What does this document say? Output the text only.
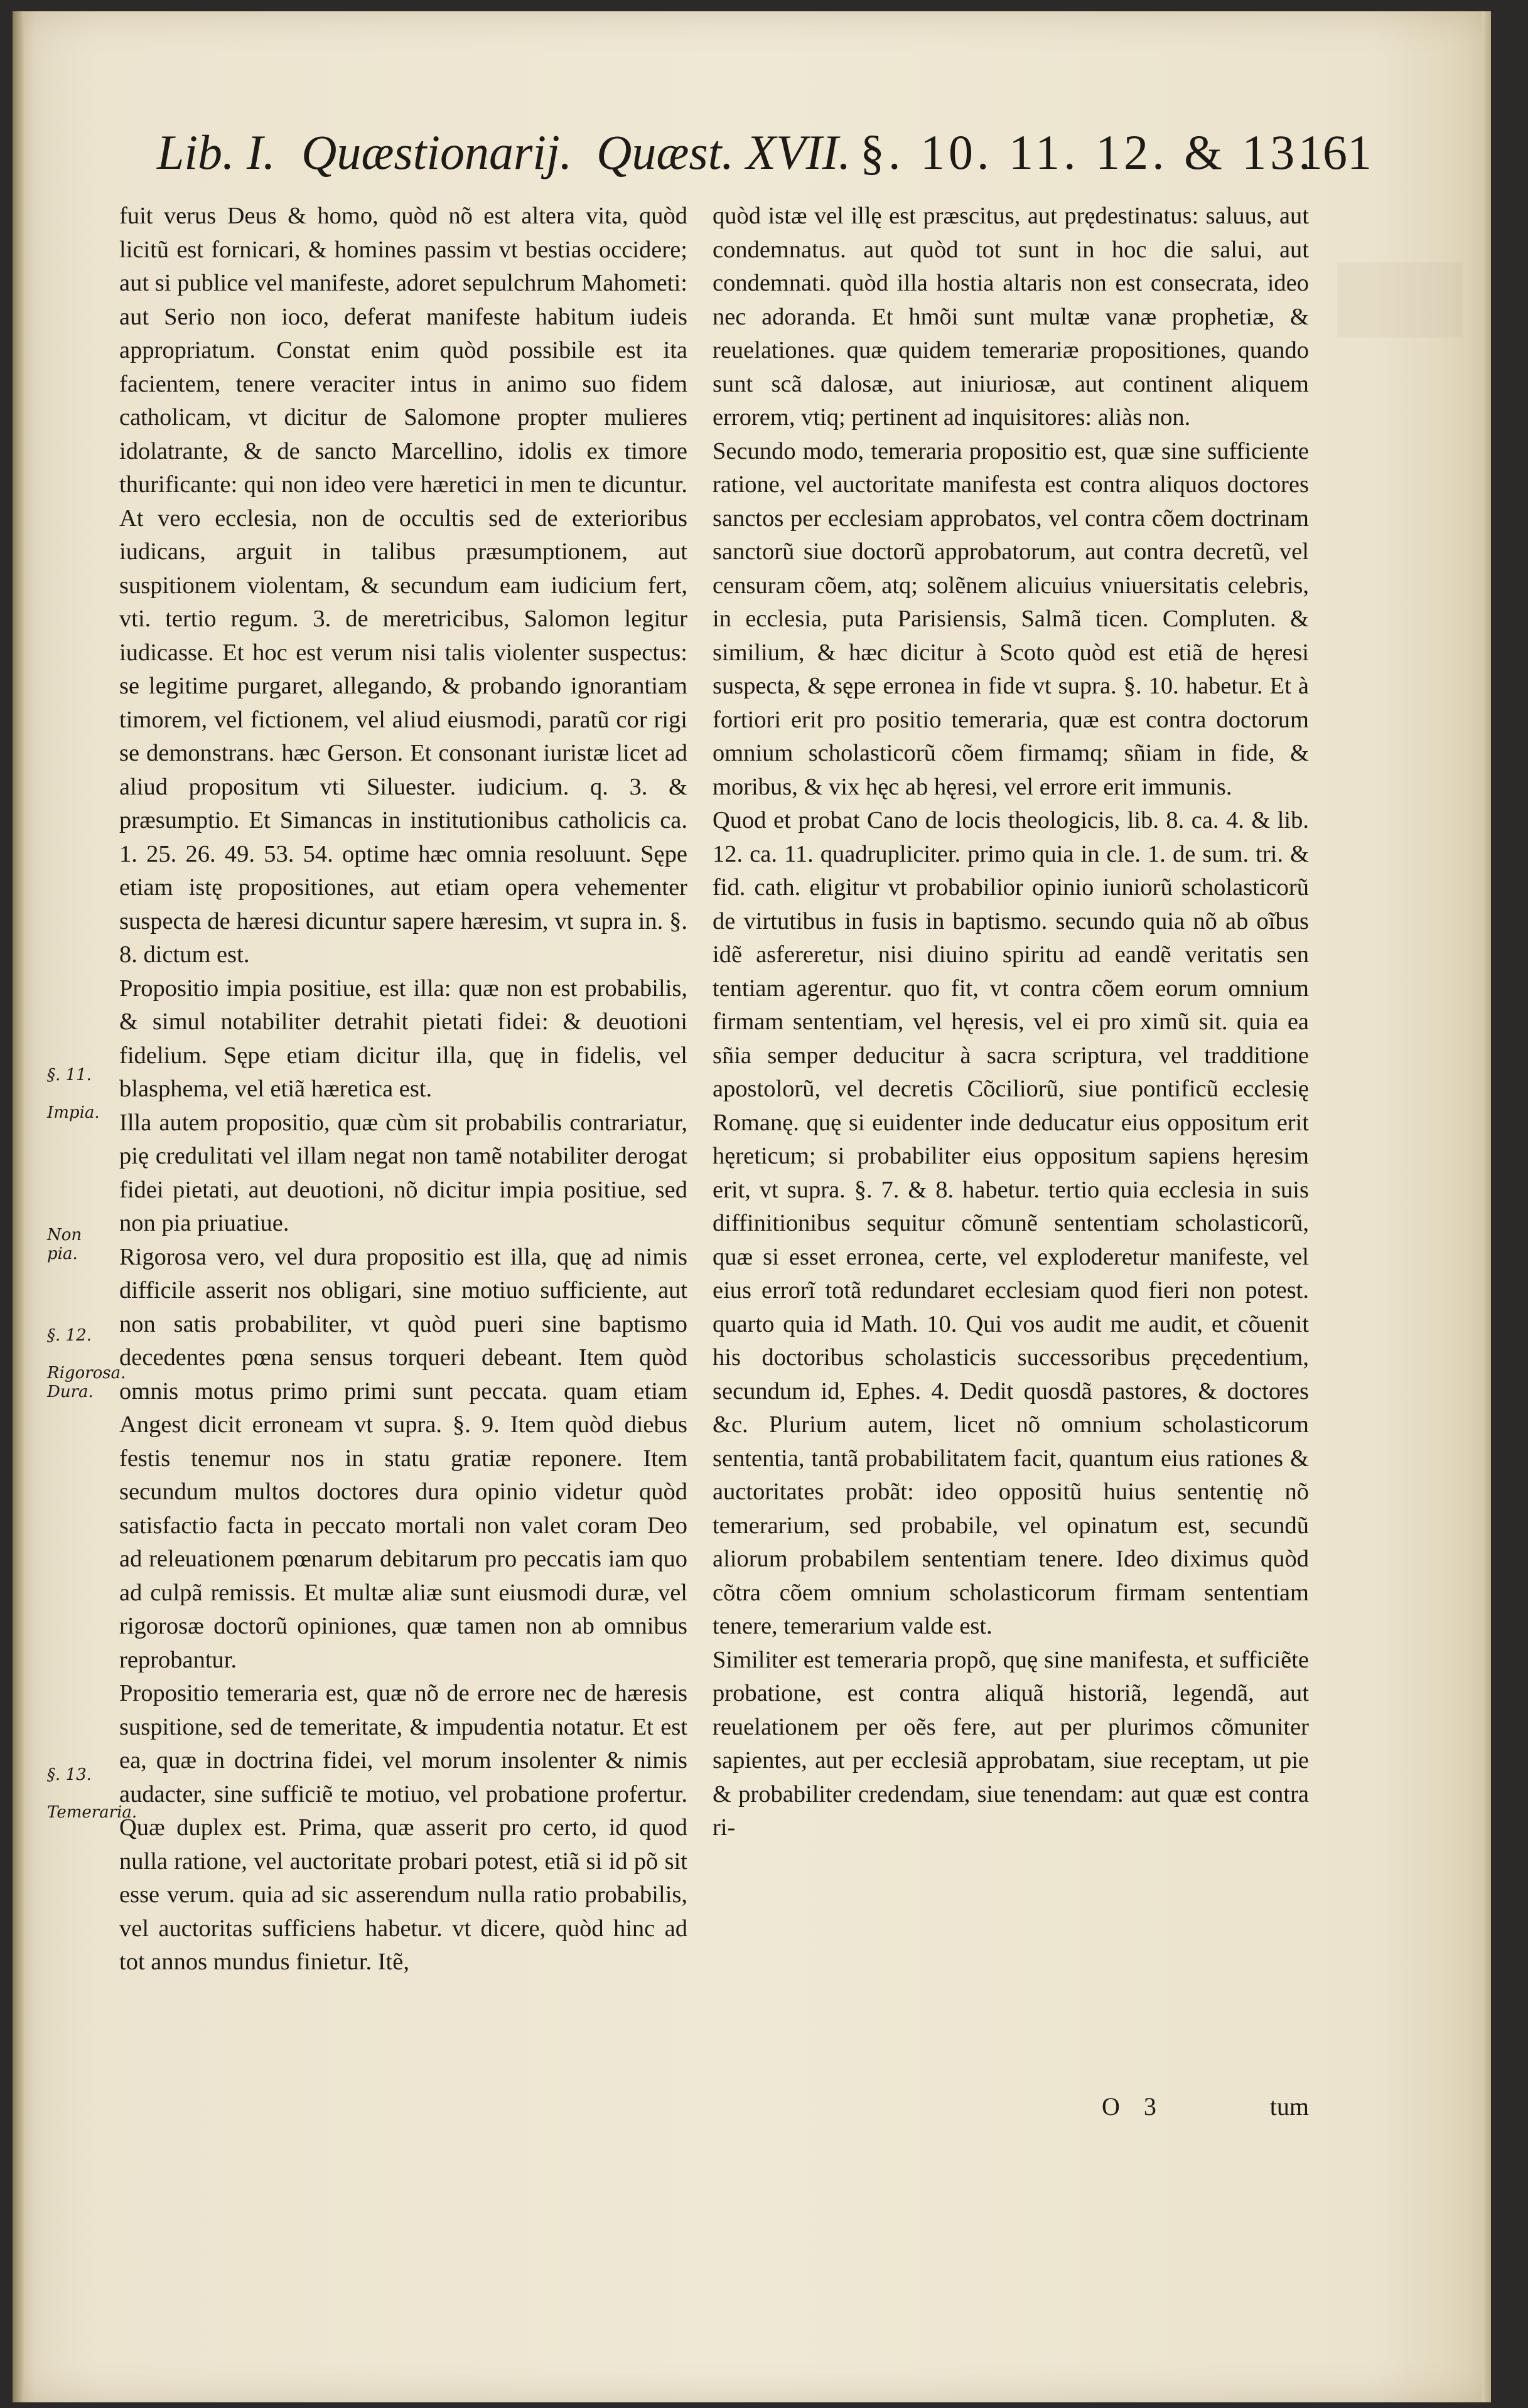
Lib. I. Quæstionarij. Quæst. XVII. §. 10. 11. 12. & 13.
161
fuit verus Deus & homo, quòd nõ est altera vita, quòd licitũ est fornicari, & homines passim vt bestias occidere; aut si publice vel manifeste, adoret sepulchrum Mahometi: aut Serio non ioco, deferat manifeste habitum iudeis appropriatum. Constat enim quòd possibile est ita facientem, tenere veraciter intus in animo suo fidem catholicam, vt dicitur de Salomone propter mulieres idolatrante, & de sancto Marcellino, idolis ex timore thurificante: qui non ideo vere hæretici in men te dicuntur. At vero ecclesia, non de occultis sed de exterioribus iudicans, arguit in talibus præsumptionem, aut suspitionem violentam, & secundum eam iudicium fert, vti. tertio regum. 3. de meretricibus, Salomon legitur iudicasse. Et hoc est verum nisi talis violenter suspectus: se legitime purgaret, allegando, & probando ignorantiam timorem, vel fictionem, vel aliud eiusmodi, paratũ cor rigi se demonstrans. hæc Gerson. Et consonant iuristæ licet ad aliud propositum vti Siluester. iudicium. q. 3. & præsumptio. Et Simancas in institutionibus catholicis ca. 1. 25. 26. 49. 53. 54. optime hæc omnia resoluunt. Sępe etiam istę propositiones, aut etiam opera vehementer suspecta de hæresi dicuntur sapere hæresim, vt supra in. §. 8. dictum est.
Propositio impia positiue, est illa: quæ non est probabilis, & simul notabiliter detrahit pietati fidei: & deuotioni fidelium. Sępe etiam dicitur illa, quę in fidelis, vel blasphema, vel etiã hæretica est.
Illa autem propositio, quæ cùm sit probabilis contrariatur, pię credulitati vel illam negat non tamẽ notabiliter derogat fidei pietati, aut deuotioni, nõ dicitur impia positiue, sed non pia priuatiue.
Rigorosa vero, vel dura propositio est illa, quę ad nimis difficile asserit nos obligari, sine motiuo sufficiente, aut non satis probabiliter, vt quòd pueri sine baptismo decedentes pœna sensus torqueri debeant. Item quòd omnis motus primo primi sunt peccata. quam etiam Angest dicit erroneam vt supra. §. 9. Item quòd diebus festis tenemur nos in statu gratiæ reponere. Item secundum multos doctores dura opinio videtur quòd satisfactio facta in peccato mortali non valet coram Deo ad releuationem pœnarum debitarum pro peccatis iam quo ad culpã remissis. Et multæ aliæ sunt eiusmodi duræ, vel rigorosæ doctorũ opiniones, quæ tamen non ab omnibus reprobantur.
Propositio temeraria est, quæ nõ de errore nec de hæresis suspitione, sed de temeritate, & impudentia notatur. Et est ea, quæ in doctrina fidei, vel morum insolenter & nimis audacter, sine sufficiẽ te motiuo, vel probatione profertur. Quæ duplex est. Prima, quæ asserit pro certo, id quod nulla ratione, vel auctoritate probari potest, etiã si id põ sit esse verum. quia ad sic asserendum nulla ratio probabilis, vel auctoritas sufficiens habetur. vt dicere, quòd hinc ad tot annos mundus finietur. Itẽ,
quòd istæ vel illę est præscitus, aut prędestinatus: saluus, aut condemnatus. aut quòd tot sunt in hoc die salui, aut condemnati. quòd illa hostia altaris non est consecrata, ideo nec adoranda. Et hmõi sunt multæ vanæ prophetiæ, & reuelationes. quæ quidem temerariæ propositiones, quando sunt scã dalosæ, aut iniuriosæ, aut continent aliquem errorem, vtiq; pertinent ad inquisitores: aliàs non.
Secundo modo, temeraria propositio est, quæ sine sufficiente ratione, vel auctoritate manifesta est contra aliquos doctores sanctos per ecclesiam approbatos, vel contra cõem doctrinam sanctorũ siue doctorũ approbatorum, aut contra decretũ, vel censuram cõem, atq; solẽnem alicuius vniuersitatis celebris, in ecclesia, puta Parisiensis, Salmã ticen. Compluten. & similium, & hæc dicitur à Scoto quòd est etiã de hęresi suspecta, & sępe erronea in fide vt supra. §. 10. habetur. Et à fortiori erit pro positio temeraria, quæ est contra doctorum omnium scholasticorũ cõem firmamq; sñiam in fide, & moribus, & vix hęc ab hęresi, vel errore erit immunis.
Quod et probat Cano de locis theologicis, lib. 8. ca. 4. & lib. 12. ca. 11. quadrupliciter. primo quia in cle. 1. de sum. tri. & fid. cath. eligitur vt probabilior opinio iuniorũ scholasticorũ de virtutibus in fusis in baptismo. secundo quia nõ ab oĩbus idẽ asfereretur, nisi diuino spiritu ad eandẽ veritatis sen tentiam agerentur. quo fit, vt contra cõem eorum omnium firmam sententiam, vel hęresis, vel ei pro ximũ sit. quia ea sñia semper deducitur à sacra scriptura, vel tradditione apostolorũ, vel decretis Cõciliorũ, siue pontificũ ecclesię Romanę. quę si euidenter inde deducatur eius oppositum erit hęreticum; si probabiliter eius oppositum sapiens hęresim erit, vt supra. §. 7. & 8. habetur. tertio quia ecclesia in suis diffinitionibus sequitur cõmunẽ sententiam scholasticorũ, quæ si esset erronea, certe, vel exploderetur manifeste, vel eius errorĩ totã redundaret ecclesiam quod fieri non potest. quarto quia id Math. 10. Qui vos audit me audit, et cõuenit his doctoribus scholasticis successoribus pręcedentium, secundum id, Ephes. 4. Dedit quosdã pastores, & doctores &c. Plurium autem, licet nõ omnium scholasticorum sententia, tantã probabilitatem facit, quantum eius rationes & auctoritates probãt: ideo oppositũ huius sententię nõ temerarium, sed probabile, vel opinatum est, secundũ aliorum probabilem sententiam tenere. Ideo diximus quòd cõtra cõem omnium scholasticorum firmam sententiam tenere, temerarium valde est.
Similiter est temeraria propõ, quę sine manifesta, et sufficiẽte probatione, est contra aliquã historiã, legendã, aut reuelationem per oẽs fere, aut per plurimos cõmuniter sapientes, aut per ecclesiã approbatam, siue receptam, ut pie & probabiliter credendam, siue tenendam: aut quæ est contra ri-

§. 11.

Impia.

Non pia.

§. 12.

Rigorosa.
Dura.

§. 13.

Temeraria.

O 3	tum
